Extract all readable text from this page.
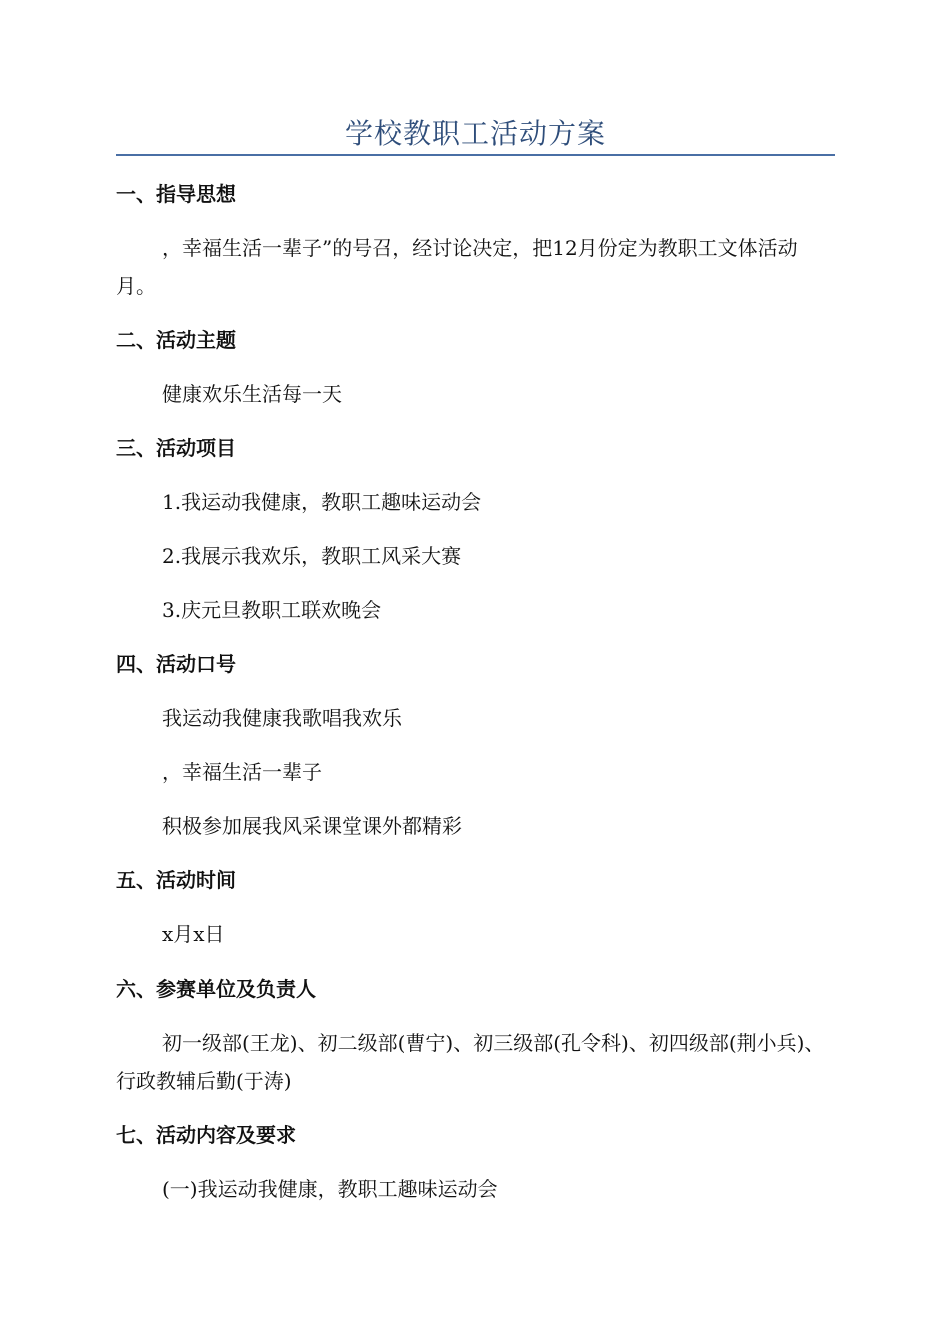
学校教职工活动方案
一、指导思想

，幸福生活一辈子”的号召，经讨论决定，把12月份定为教职工文体活动月。

二、活动主题

健康欢乐生活每一天

三、活动项目

1.我运动我健康，教职工趣味运动会

2.我展示我欢乐，教职工风采大赛

3.庆元旦教职工联欢晚会

四、活动口号

我运动我健康我歌唱我欢乐

，幸福生活一辈子

积极参加展我风采课堂课外都精彩

五、活动时间

x月x日

六、参赛单位及负责人

初一级部(王龙)、初二级部(曹宁)、初三级部(孔令科)、初四级部(荆小兵)、行政教辅后勤(于涛)

七、活动内容及要求

(一)我运动我健康，教职工趣味运动会
